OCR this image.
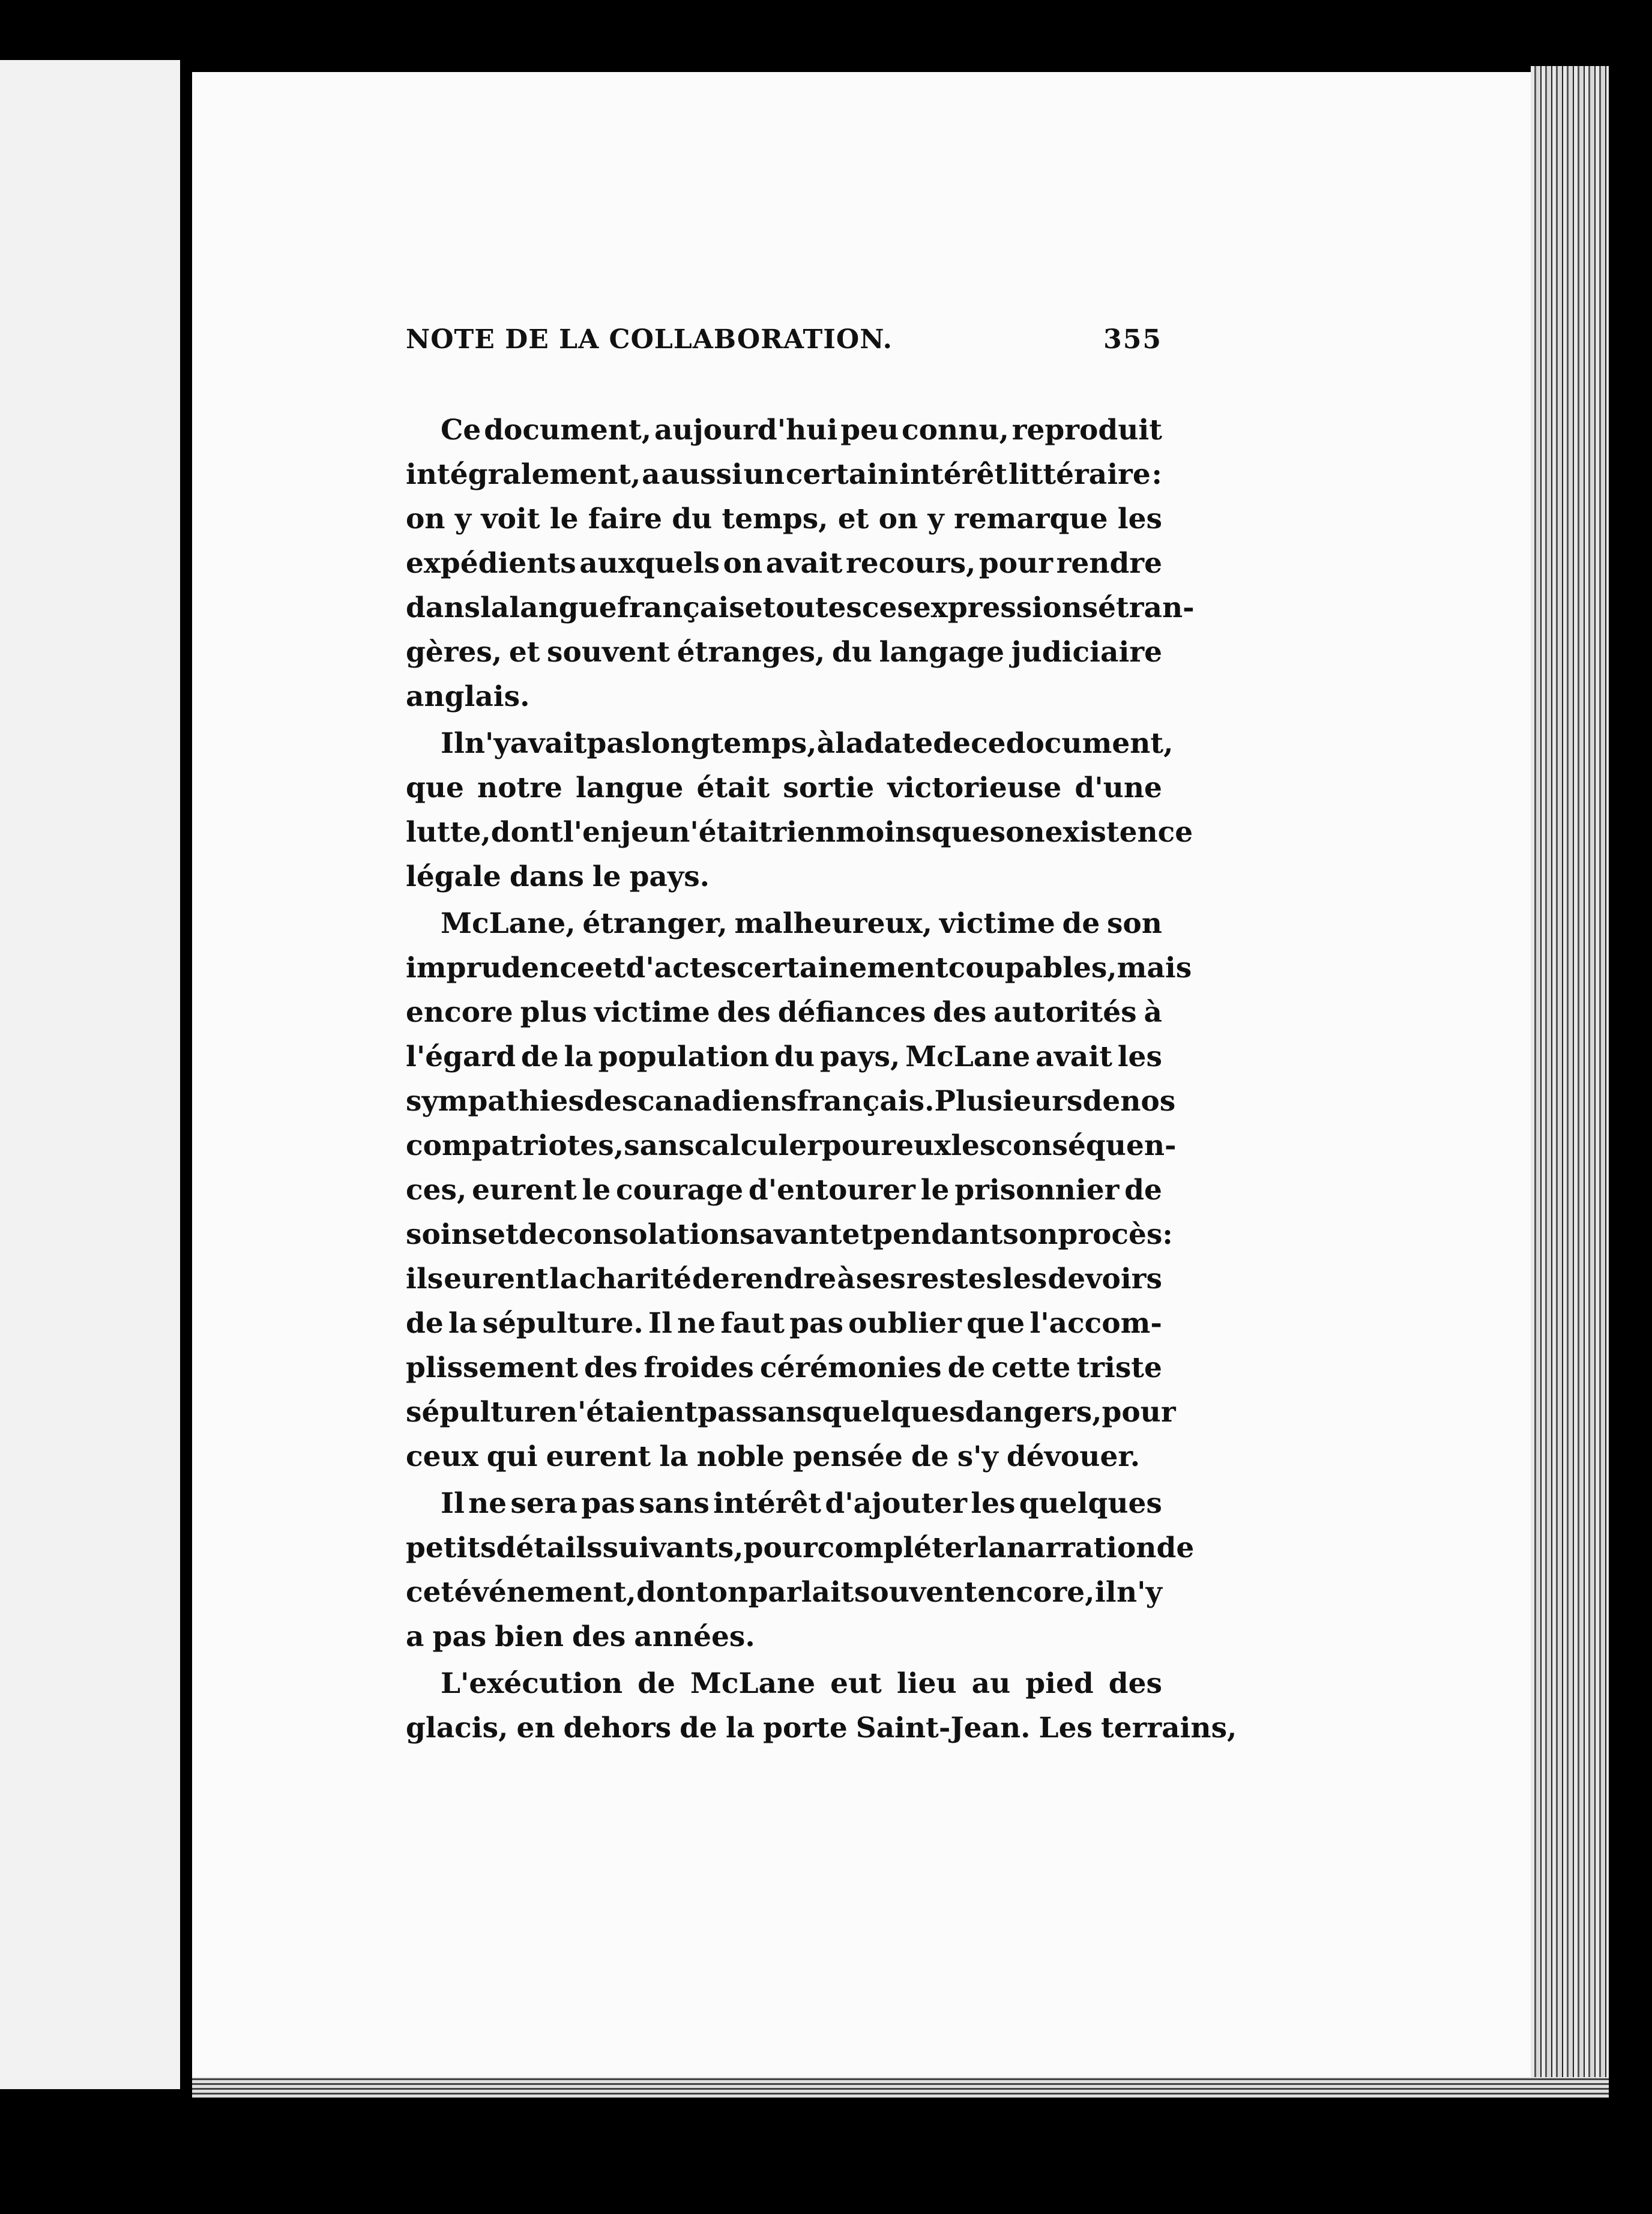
NOTE DE LA COLLABORATION.	355
Ce document, aujourd'hui peu connu, reproduit
intégralement, a aussi un certain intérêt littéraire :
on y voit le faire du temps, et on y remarque les
expédients auxquels on avait recours, pour rendre
dans la langue française toutes ces expressions étran-
gères, et souvent étranges, du langage judiciaire
anglais.
Il n'y avait pas longtemps, à la date de ce document,
que notre langue était sortie victorieuse d'une
lutte, dont l'enjeu n'était rien moins que son existence
légale dans le pays.
McLane, étranger, malheureux, victime de son
imprudence et d'actes certainement coupables, mais
encore plus victime des défiances des autorités à
l'égard de la population du pays, McLane avait les
sympathies des canadiens français. Plusieurs de nos
compatriotes, sans calculer pour eux les conséquen-
ces, eurent le courage d'entourer le prisonnier de
soins et de consolations avant et pendant son procès :
ils eurent la charité de rendre à ses restes les devoirs
de la sépulture. Il ne faut pas oublier que l'accom-
plissement des froides cérémonies de cette triste
sépulture n'étaient pas sans quelques dangers, pour
ceux qui eurent la noble pensée de s'y dévouer.
Il ne sera pas sans intérêt d'ajouter les quelques
petits détails suivants, pour compléter la narration de
cet événement, dont on parlait souvent encore, il n'y
a pas bien des années.
L'exécution de McLane eut lieu au pied des
glacis, en dehors de la porte Saint-Jean. Les terrains,
